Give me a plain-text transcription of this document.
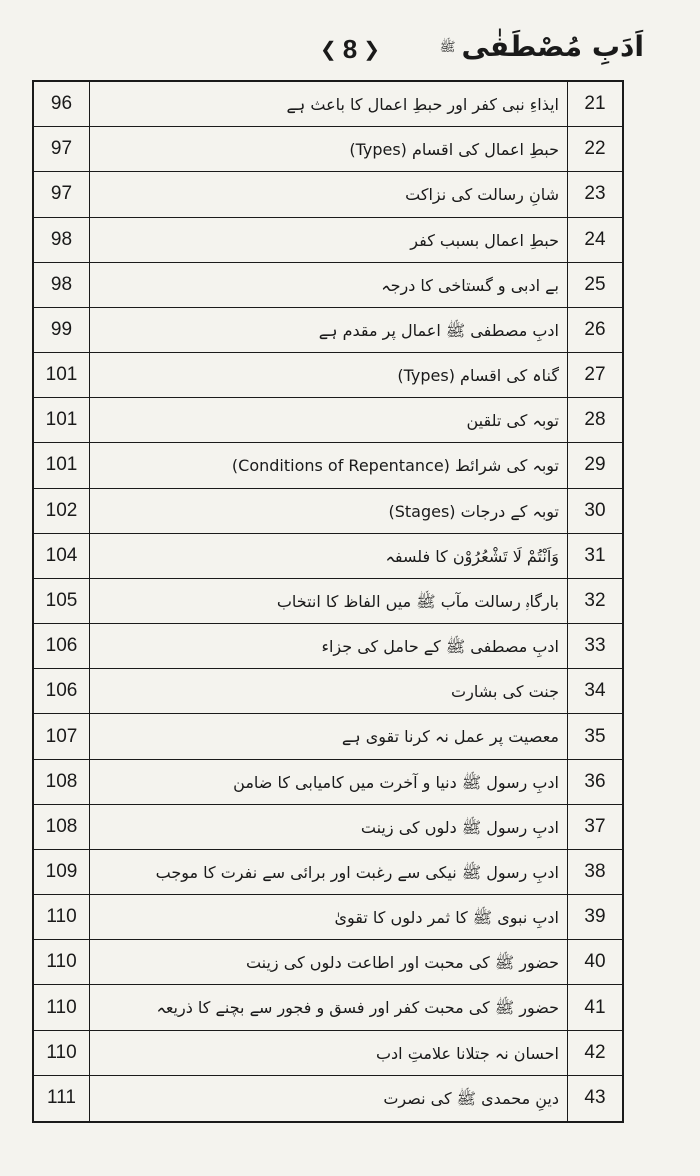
❮ 8 ❯	اَدَبِ مُصْطَفٰیﷺ
96	ایذاءِ نبی کفر اور حبطِ اعمال کا باعث ہے	21
97	حبطِ اعمال کی اقسام (Types)	22
97	شانِ رسالت کی نزاکت	23
98	حبطِ اعمال بسبب کفر	24
98	بے ادبی و گستاخی کا درجہ	25
99	ادبِ مصطفی ﷺ اعمال پر مقدم ہے	26
101	گناہ کی اقسام (Types)	27
101	توبہ کی تلقین	28
101	توبہ کی شرائط (Conditions of Repentance)	29
102	توبہ کے درجات (Stages)	30
104	وَاَنْتُمْ لَا تَشْعُرُوْن کا فلسفہ	31
105	بارگاہِ رسالت مآب ﷺ میں الفاظ کا انتخاب	32
106	ادبِ مصطفی ﷺ کے حامل کی جزاء	33
106	جنت کی بشارت	34
107	معصیت پر عمل نہ کرنا تقوی ہے	35
108	ادبِ رسول ﷺ دنیا و آخرت میں کامیابی کا ضامن	36
108	ادبِ رسول ﷺ دلوں کی زینت	37
109	ادبِ رسول ﷺ نیکی سے رغبت اور برائی سے نفرت کا موجب	38
110	ادبِ نبوی ﷺ کا ثمر دلوں کا تقویٰ	39
110	حضور ﷺ کی محبت اور اطاعت دلوں کی زینت	40
110	حضور ﷺ کی محبت کفر اور فسق و فجور سے بچنے کا ذریعہ	41
110	احسان نہ جتلانا علامتِ ادب	42
111	دینِ محمدی ﷺ کی نصرت	43
